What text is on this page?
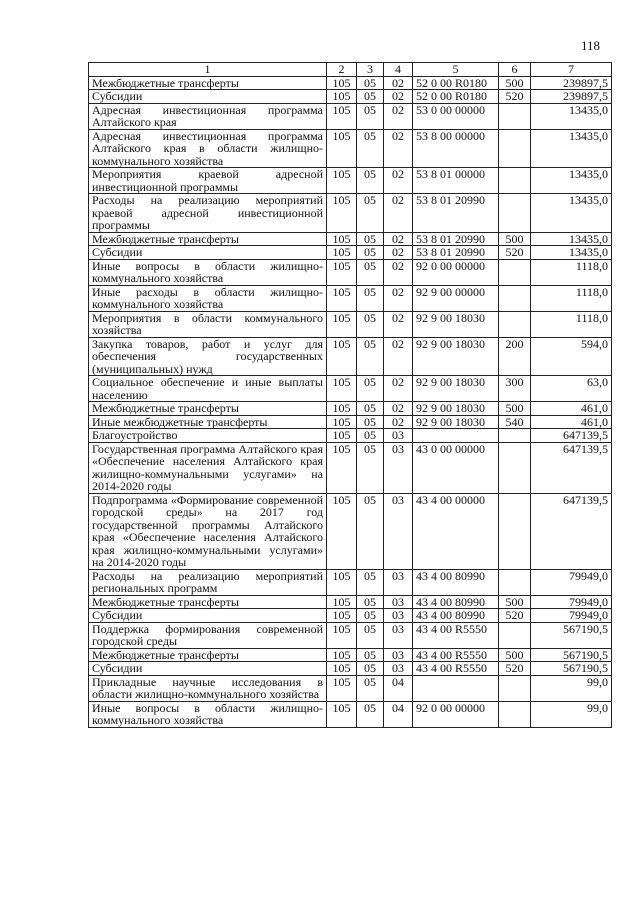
118
1	2	3	4	5	6	7
Межбюджетные трансферты	105	05	02	52 0 00 R0180	500	239897,5
Субсидии	105	05	02	52 0 00 R0180	520	239897,5
Адресная инвестиционная программа Алтайского края	105	05	02	53 0 00 00000		13435,0
Адресная инвестиционная программа Алтайского края в области жилищно-коммунального хозяйства	105	05	02	53 8 00 00000		13435,0
Мероприятия краевой адресной инвестиционной программы	105	05	02	53 8 01 00000		13435,0
Расходы на реализацию мероприятий краевой адресной инвестиционной программы	105	05	02	53 8 01 20990		13435,0
Межбюджетные трансферты	105	05	02	53 8 01 20990	500	13435,0
Субсидии	105	05	02	53 8 01 20990	520	13435,0
Иные вопросы в области жилищно-коммунального хозяйства	105	05	02	92 0 00 00000		1118,0
Иные расходы в области жилищно-коммунального хозяйства	105	05	02	92 9 00 00000		1118,0
Мероприятия в области коммунального хозяйства	105	05	02	92 9 00 18030		1118,0
Закупка товаров, работ и услуг для обеспечения государственных (муниципальных) нужд	105	05	02	92 9 00 18030	200	594,0
Социальное обеспечение и иные выплаты населению	105	05	02	92 9 00 18030	300	63,0
Межбюджетные трансферты	105	05	02	92 9 00 18030	500	461,0
Иные межбюджетные трансферты	105	05	02	92 9 00 18030	540	461,0
Благоустройство	105	05	03			647139,5
Государственная программа Алтайского края «Обеспечение населения Алтайского края жилищно-коммунальными услугами» на 2014-2020 годы	105	05	03	43 0 00 00000		647139,5
Подпрограмма «Формирование современной городской среды» на 2017 год государственной программы Алтайского края «Обеспечение населения Алтайского края жилищно-коммунальными услугами» на 2014-2020 годы	105	05	03	43 4 00 00000		647139,5
Расходы на реализацию мероприятий региональных программ	105	05	03	43 4 00 80990		79949,0
Межбюджетные трансферты	105	05	03	43 4 00 80990	500	79949,0
Субсидии	105	05	03	43 4 00 80990	520	79949,0
Поддержка формирования современной городской среды	105	05	03	43 4 00 R5550		567190,5
Межбюджетные трансферты	105	05	03	43 4 00 R5550	500	567190,5
Субсидии	105	05	03	43 4 00 R5550	520	567190,5
Прикладные научные исследования в области жилищно-коммунального хозяйства	105	05	04			99,0
Иные вопросы в области жилищно-коммунального хозяйства	105	05	04	92 0 00 00000		99,0
